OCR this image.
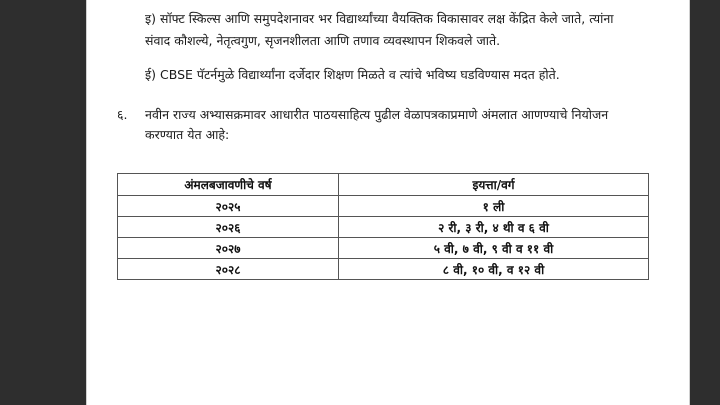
इ) सॉफ्ट स्किल्स आणि समुपदेशनावर भर विद्यार्थ्यांच्या वैयक्तिक विकासावर लक्ष केंद्रित केले जाते, त्यांना संवाद कौशल्ये, नेतृत्वगुण, सृजनशीलता आणि तणाव व्यवस्थापन शिकवले जाते.
ई) CBSE पॅटर्नमुळे विद्यार्थ्यांना दर्जेदार शिक्षण मिळते व त्यांचे भविष्य घडविण्यास मदत होते.
६. नवीन राज्य अभ्यासक्रमावर आधारीत पाठयसाहित्य पुढील वेळापत्रकाप्रमाणे अंमलात आणण्याचे नियोजन करण्यात येत आहे:
अंमलबजावणीचे वर्ष	इयत्ता/वर्ग
२०२५	१ ली
२०२६	२ री, ३ री, ४ थी व ६ वी
२०२७	५ वी, ७ वी, ९ वी व ११ वी
२०२८	८ वी, १० वी, व १२ वी
